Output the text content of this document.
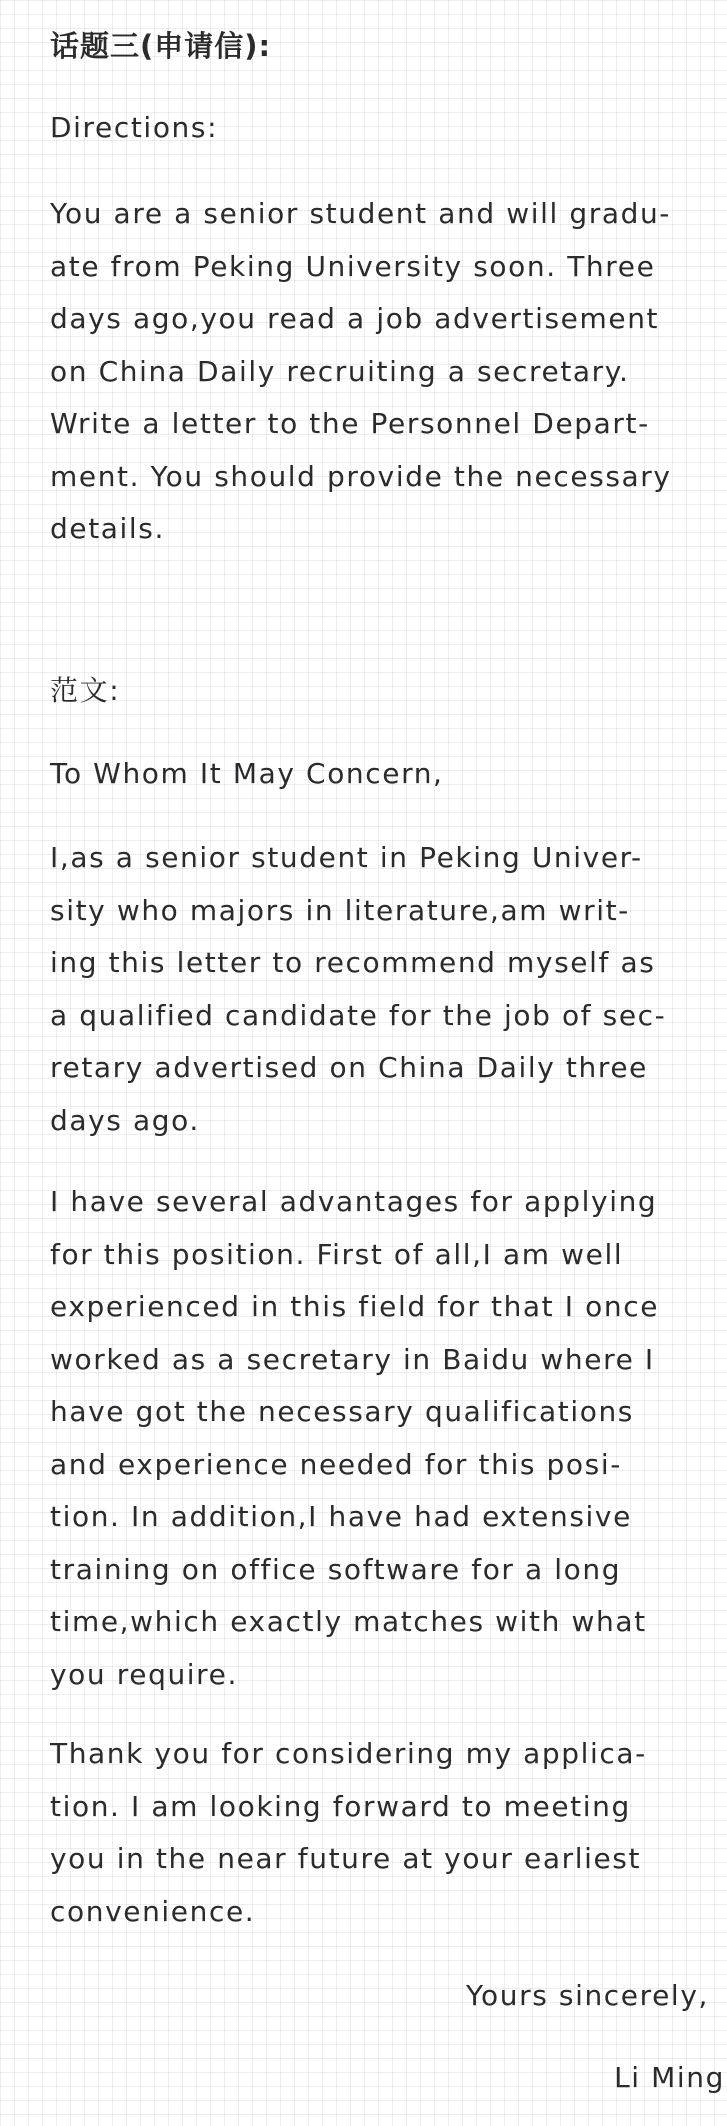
话题三(申请信):
Directions:
You are a senior student and will gradu-
ate from Peking University soon. Three
days ago,you read a job advertisement
on China Daily recruiting a secretary.
Write a letter to the Personnel Depart-
ment. You should provide the necessary
details.
范文:
To Whom It May Concern,
I,as a senior student in Peking Univer-
sity who majors in literature,am writ-
ing this letter to recommend myself as
a qualified candidate for the job of sec-
retary advertised on China Daily three
days ago.
I have several advantages for applying
for this position. First of all,I am well
experienced in this field for that I once
worked as a secretary in Baidu where I
have got the necessary qualifications
and experience needed for this posi-
tion. In addition,I have had extensive
training on office software for a long
time,which exactly matches with what
you require.
Thank you for considering my applica-
tion. I am looking forward to meeting
you in the near future at your earliest
convenience.
Yours sincerely,
Li Ming
